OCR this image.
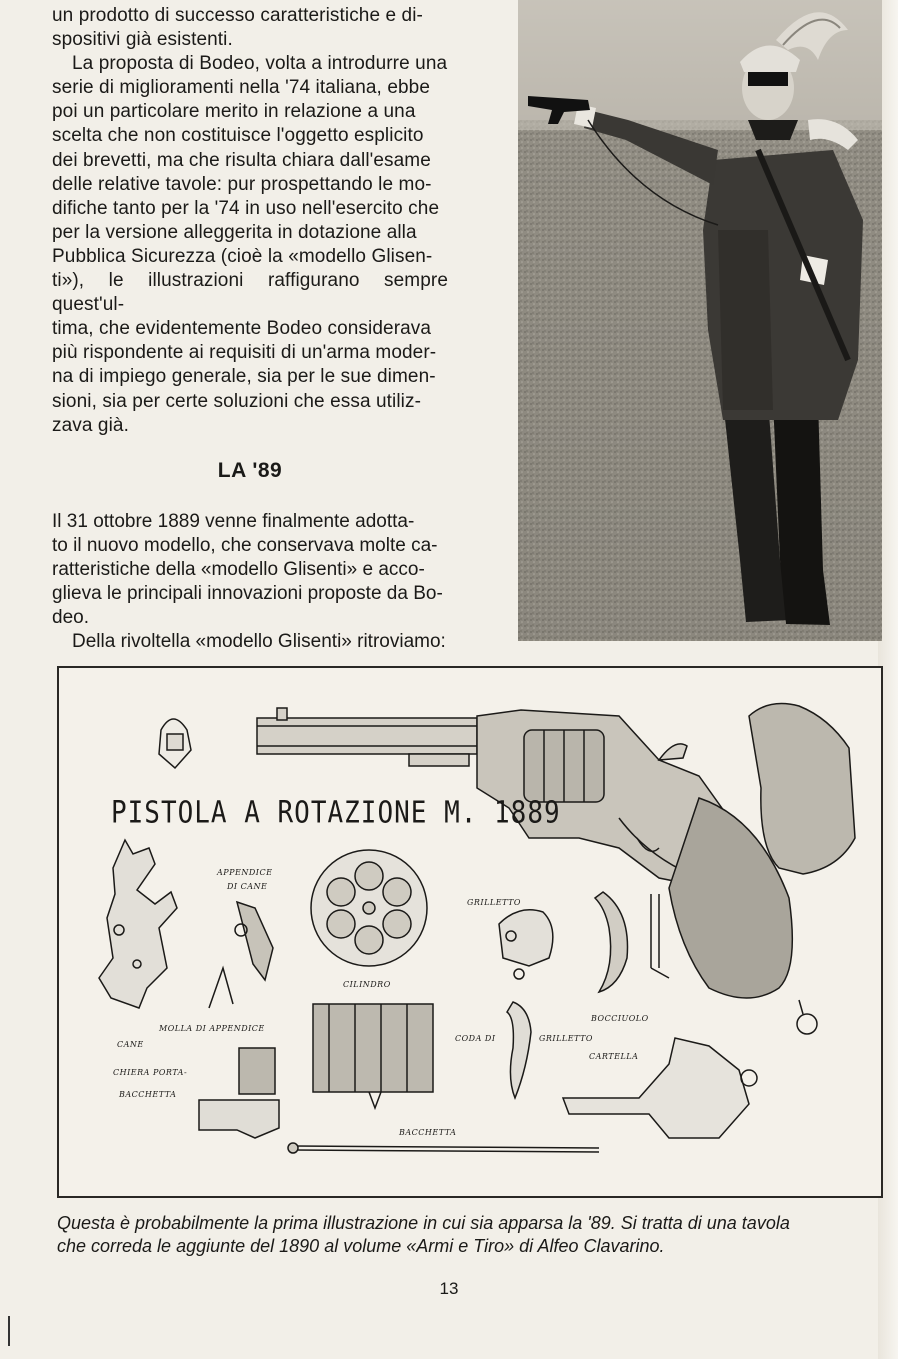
un prodotto di successo caratteristiche e di-
spositivi già esistenti.

La proposta di Bodeo, volta a introdurre una
serie di miglioramenti nella '74 italiana, ebbe
poi un particolare merito in relazione a una
scelta che non costituisce l'oggetto esplicito
dei brevetti, ma che risulta chiara dall'esame
delle relative tavole: pur prospettando le mo-
difiche tanto per la '74 in uso nell'esercito che
per la versione alleggerita in dotazione alla
Pubblica Sicurezza (cioè la «modello Glisen-
ti»), le illustrazioni raffigurano sempre quest'ul-
tima, che evidentemente Bodeo considerava
più rispondente ai requisiti di un'arma moder-
na di impiego generale, sia per le sue dimen-
sioni, sia per certe soluzioni che essa utiliz-
zava già.

LA '89

Il 31 ottobre 1889 venne finalmente adotta-
to il nuovo modello, che conservava molte ca-
ratteristiche della «modello Glisenti» e acco-
glieva le principali innovazioni proposte da Bo-
deo.

Della rivoltella «modello Glisenti» ritroviamo:

PISTOLA A ROTAZIONE M. 1889
APPENDICE
DI CANE
GRILLETTO
CILINDRO
MOLLA DI APPENDICE
CANE
CHIERA PORTA-
BACCHETTA
CODA DI	GRILLETTO
BOCCIUOLO
CARTELLA
BACCHETTA
Questa è probabilmente la prima illustrazione in cui sia apparsa la '89. Si tratta di una tavola
che correda le aggiunte del 1890 al volume «Armi e Tiro» di Alfeo Clavarino.
13
